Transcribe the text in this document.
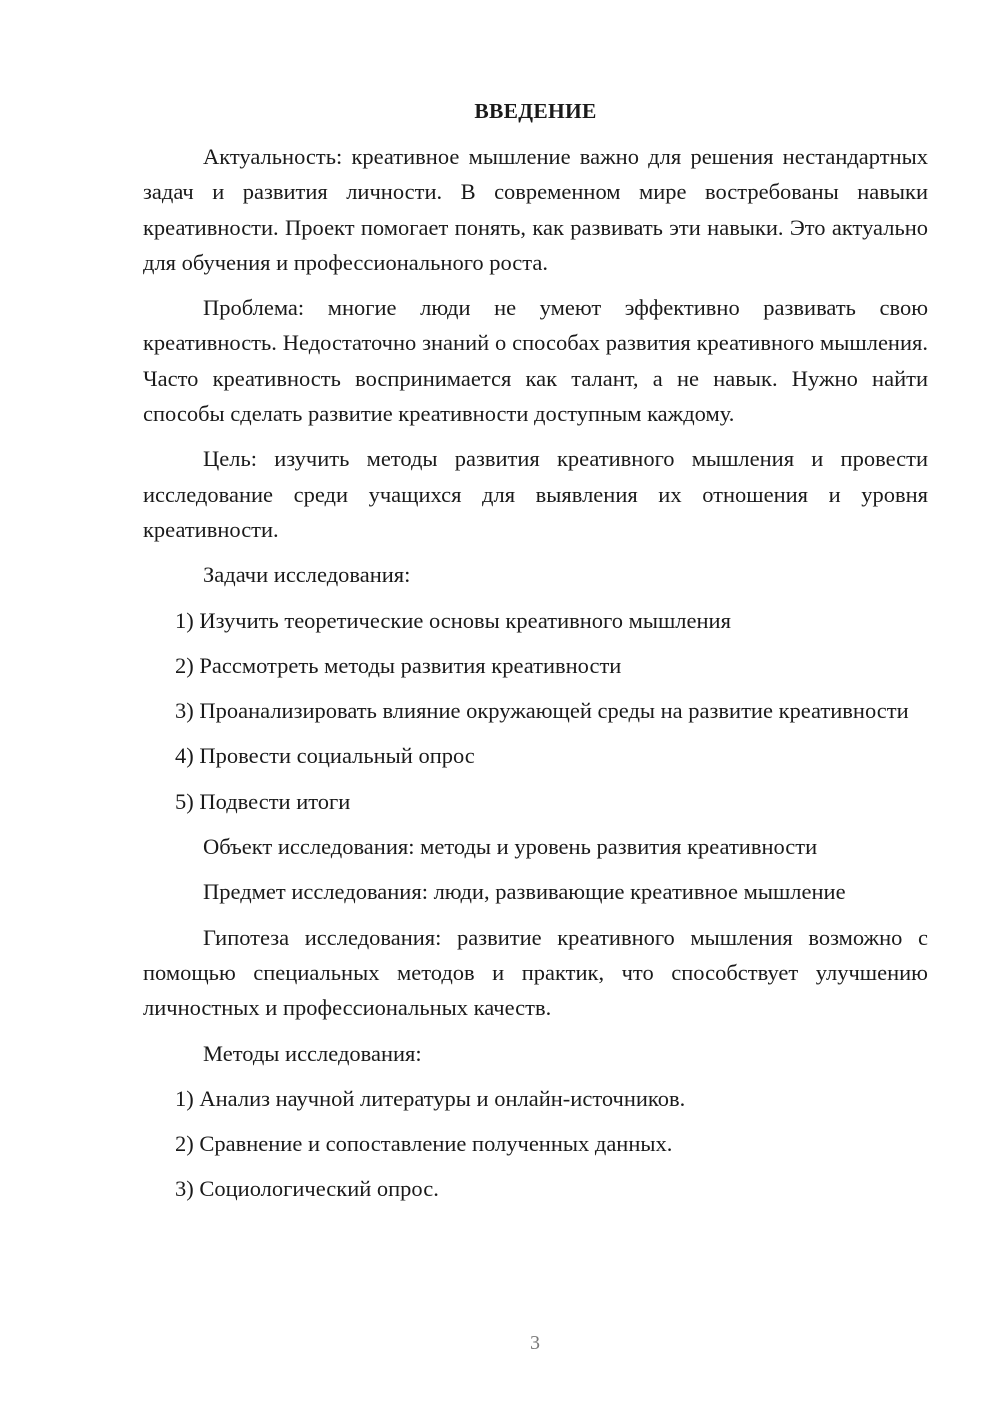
ВВЕДЕНИЕ

Актуальность: креативное мышление важно для решения нестандартных задач и развития личности. В современном мире востребованы навыки креативности. Проект помогает понять, как развивать эти навыки. Это актуально для обучения и профессионального роста.

Проблема: многие люди не умеют эффективно развивать свою креативность. Недостаточно знаний о способах развития креативного мышления. Часто креативность воспринимается как талант, а не навык. Нужно найти способы сделать развитие креативности доступным каждому.

Цель: изучить методы развития креативного мышления и провести исследование среди учащихся для выявления их отношения и уровня креативности.

Задачи исследования:

1) Изучить теоретические основы креативного мышления

2) Рассмотреть методы развития креативности

3) Проанализировать влияние окружающей среды на развитие креативности

4) Провести социальный опрос

5) Подвести итоги

Объект исследования: методы и уровень развития креативности

Предмет исследования: люди, развивающие креативное мышление

Гипотеза исследования: развитие креативного мышления возможно с помощью специальных методов и практик, что способствует улучшению личностных и профессиональных качеств.

Методы исследования:

1) Анализ научной литературы и онлайн-источников.

2) Сравнение и сопоставление полученных данных.

3) Социологический опрос.

3
